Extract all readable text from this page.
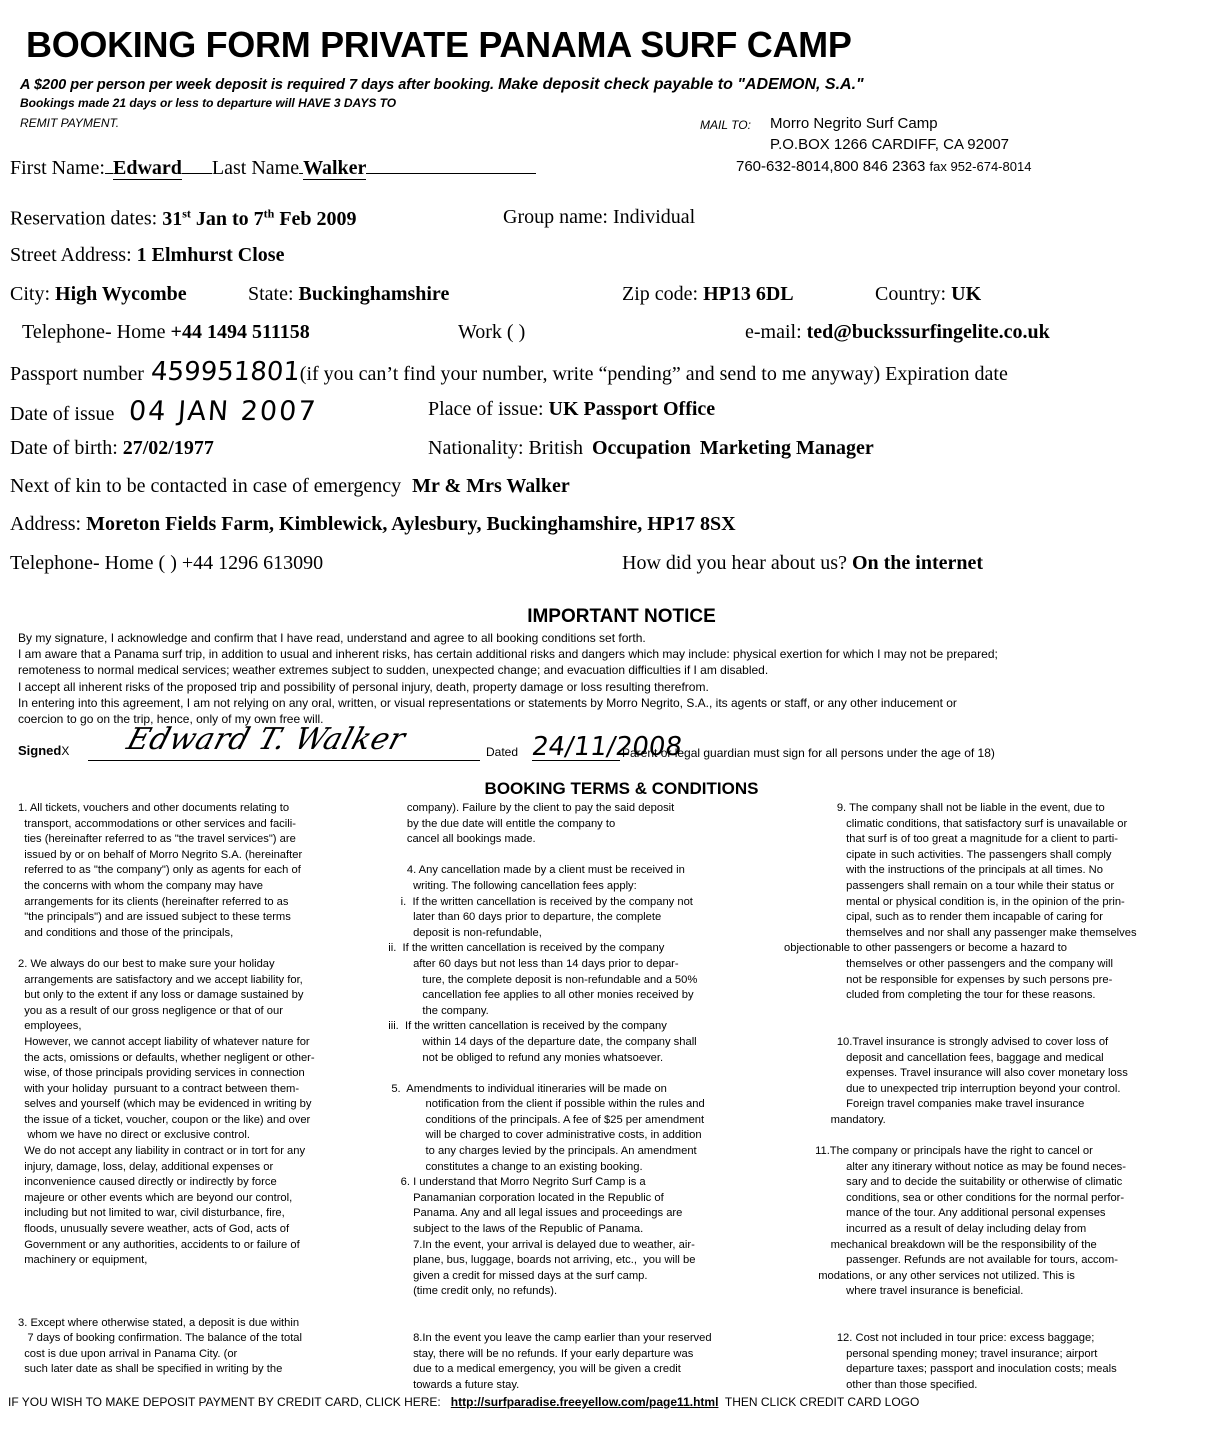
BOOKING FORM PRIVATE PANAMA SURF CAMP
A $200 per person per week deposit is required 7 days after booking. Make deposit check payable to "ADEMON, S.A."
Bookings made 21 days or less to departure will HAVE 3 DAYS TO
REMIT PAYMENT.	MAIL TO: Morro Negrito Surf Camp
P.O.BOX 1266 CARDIFF, CA 92007
760-632-8014,800 846 2363 fax 952-674-8014
First Name: Edward Last Name Walker
Reservation dates: 31st Jan to 7th Feb 2009	Group name: Individual
Street Address: 1 Elmhurst Close
City: High Wycombe	State: Buckinghamshire	Zip code: HP13 6DL	Country: UK
Telephone- Home +44 1494 511158	Work ( )	e-mail: ted@buckssurfingelite.co.uk
Passport number 459951801(if you can’t find your number, write “pending” and send to me anyway) Expiration date
Date of issue 04 JAN 2007	Place of issue: UK Passport Office
Date of birth: 27/02/1977	Nationality: British Occupation Marketing Manager
Next of kin to be contacted in case of emergency Mr & Mrs Walker
Address: Moreton Fields Farm, Kimblewick, Aylesbury, Buckinghamshire, HP17 8SX
Telephone- Home ( ) +44 1296 613090	How did you hear about us? On the internet
IMPORTANT NOTICE
By my signature, I acknowledge and confirm that I have read, understand and agree to all booking conditions set forth.
I am aware that a Panama surf trip, in addition to usual and inherent risks, has certain additional risks and dangers which may include: physical exertion for which I may not be prepared;
remoteness to normal medical services; weather extremes subject to sudden, unexpected change; and evacuation difficulties if I am disabled.
I accept all inherent risks of the proposed trip and possibility of personal injury, death, property damage or loss resulting therefrom.
In entering into this agreement, I am not relying on any oral, written, or visual representations or statements by Morro Negrito, S.A., its agents or staff, or any other inducement or
coercion to go on the trip, hence, only of my own free will.
SignedX Edward T. Walker	Dated 24/11/2008
Parent or legal guardian must sign for all persons under the age of 18)
BOOKING TERMS & CONDITIONS
1. All tickets, vouchers and other documents relating to
transport, accommodations or other services and facili-
ties (hereinafter referred to as "the travel services") are
issued by or on behalf of Morro Negrito S.A. (hereinafter
referred to as "the company") only as agents for each of
the concerns with whom the company may have
arrangements for its clients (hereinafter referred to as
"the principals") and are issued subject to these terms
and conditions and those of the principals,
2. We always do our best to make sure your holiday
arrangements are satisfactory and we accept liability for,
but only to the extent if any loss or damage sustained by
you as a result of our gross negligence or that of our
employees,
However, we cannot accept liability of whatever nature for
the acts, omissions or defaults, whether negligent or other-
wise, of those principals providing services in connection
with your holiday  pursuant to a contract between them-
selves and yourself (which may be evidenced in writing by
the issue of a ticket, voucher, coupon or the like) and over
whom we have no direct or exclusive control.
We do not accept any liability in contract or in tort for any
injury, damage, loss, delay, additional expenses or
inconvenience caused directly or indirectly by force
majeure or other events which are beyond our control,
including but not limited to war, civil disturbance, fire,
floods, unusually severe weather, acts of God, acts of
Government or any authorities, accidents to or failure of
machinery or equipment,
3. Except where otherwise stated, a deposit is due within
7 days of booking confirmation. The balance of the total
cost is due upon arrival in Panama City. (or
such later date as shall be specified in writing by the
company). Failure by the client to pay the said deposit
by the due date will entitle the company to
cancel all bookings made.
4. Any cancellation made by a client must be received in
writing. The following cancellation fees apply:
i.  If the written cancellation is received by the company not
later than 60 days prior to departure, the complete
deposit is non-refundable,
ii.  If the written cancellation is received by the company
after 60 days but not less than 14 days prior to depar-
ture, the complete deposit is non-refundable and a 50%
cancellation fee applies to all other monies received by
the company.
iii.  If the written cancellation is received by the company
within 14 days of the departure date, the company shall
not be obliged to refund any monies whatsoever.
5.  Amendments to individual itineraries will be made on
notification from the client if possible within the rules and
conditions of the principals. A fee of $25 per amendment
will be charged to cover administrative costs, in addition
to any charges levied by the principals. An amendment
constitutes a change to an existing booking.
6. I understand that Morro Negrito Surf Camp is a
Panamanian corporation located in the Republic of
Panama. Any and all legal issues and proceedings are
subject to the laws of the Republic of Panama.
7.In the event, your arrival is delayed due to weather, air-
plane, bus, luggage, boards not arriving, etc.,  you will be
given a credit for missed days at the surf camp.
(time credit only, no refunds).
8.In the event you leave the camp earlier than your reserved
stay, there will be no refunds. If your early departure was
due to a medical emergency, you will be given a credit
towards a future stay.
9. The company shall not be liable in the event, due to
climatic conditions, that satisfactory surf is unavailable or
that surf is of too great a magnitude for a client to parti-
cipate in such activities. The passengers shall comply
with the instructions of the principals at all times. No
passengers shall remain on a tour while their status or
mental or physical condition is, in the opinion of the prin-
cipal, such as to render them incapable of caring for
themselves and nor shall any passenger make themselves
objectionable to other passengers or become a hazard to
themselves or other passengers and the company will
not be responsible for expenses by such persons pre-
cluded from completing the tour for these reasons.
10.Travel insurance is strongly advised to cover loss of
deposit and cancellation fees, baggage and medical
expenses. Travel insurance will also cover monetary loss
due to unexpected trip interruption beyond your control.
Foreign travel companies make travel insurance
mandatory.
11.The company or principals have the right to cancel or
alter any itinerary without notice as may be found neces-
sary and to decide the suitability or otherwise of climatic
conditions, sea or other conditions for the normal perfor-
mance of the tour. Any additional personal expenses
incurred as a result of delay including delay from
mechanical breakdown will be the responsibility of the
passenger. Refunds are not available for tours, accom-
modations, or any other services not utilized. This is
where travel insurance is beneficial.
12. Cost not included in tour price: excess baggage;
personal spending money; travel insurance; airport
departure taxes; passport and inoculation costs; meals
other than those specified.
IF YOU WISH TO MAKE DEPOSIT PAYMENT BY CREDIT CARD, CLICK HERE: http://surfparadise.freeyellow.com/page11.html THEN CLICK CREDIT CARD LOGO
